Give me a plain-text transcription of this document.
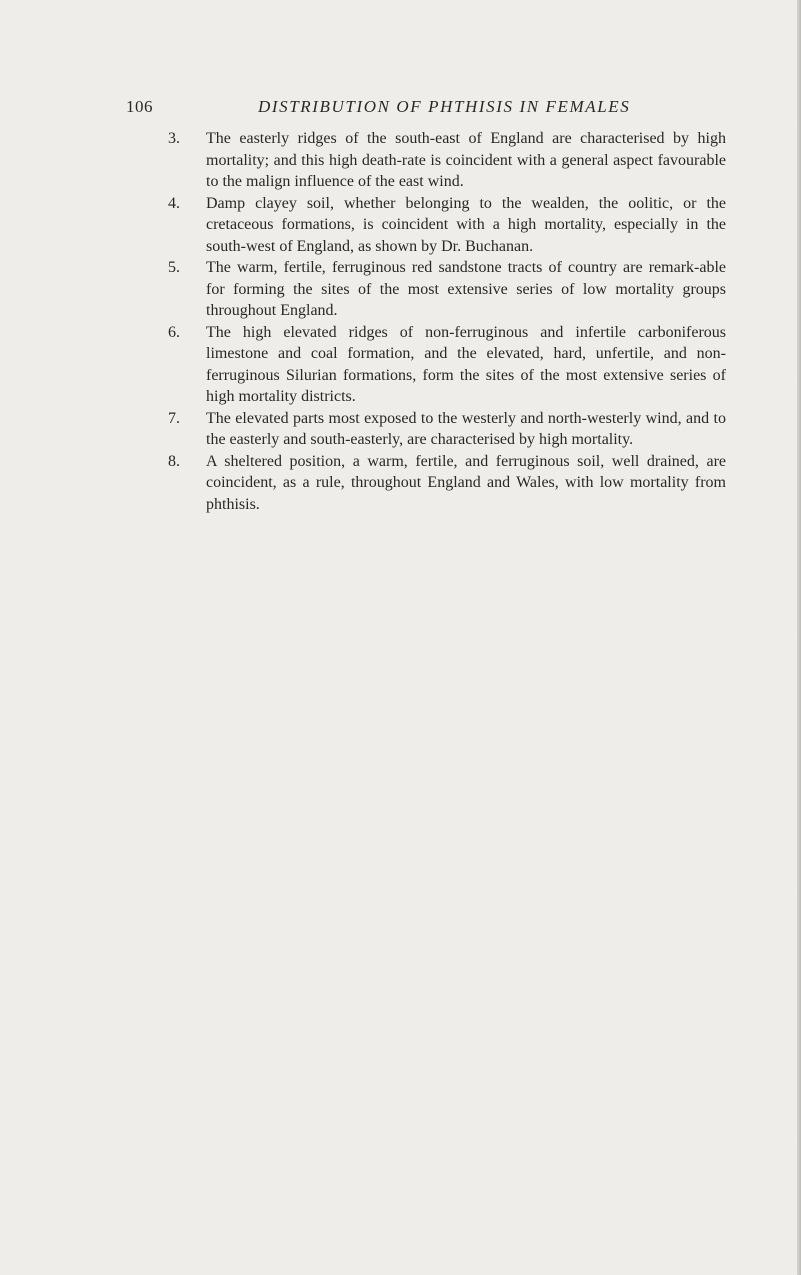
106	DISTRIBUTION OF PHTHISIS IN FEMALES
3. The easterly ridges of the south-east of England are characterised by high mortality; and this high death-rate is coincident with a general aspect favourable to the malign influence of the east wind.
4. Damp clayey soil, whether belonging to the wealden, the oolitic, or the cretaceous formations, is coincident with a high mortality, especially in the south-west of England, as shown by Dr. Buchanan.
5. The warm, fertile, ferruginous red sandstone tracts of country are remark-able for forming the sites of the most extensive series of low mortality groups throughout England.
6. The high elevated ridges of non-ferruginous and infertile carboniferous limestone and coal formation, and the elevated, hard, unfertile, and non-ferruginous Silurian formations, form the sites of the most extensive series of high mortality districts.
7. The elevated parts most exposed to the westerly and north-westerly wind, and to the easterly and south-easterly, are characterised by high mortality.
8. A sheltered position, a warm, fertile, and ferruginous soil, well drained, are coincident, as a rule, throughout England and Wales, with low mortality from phthisis.
